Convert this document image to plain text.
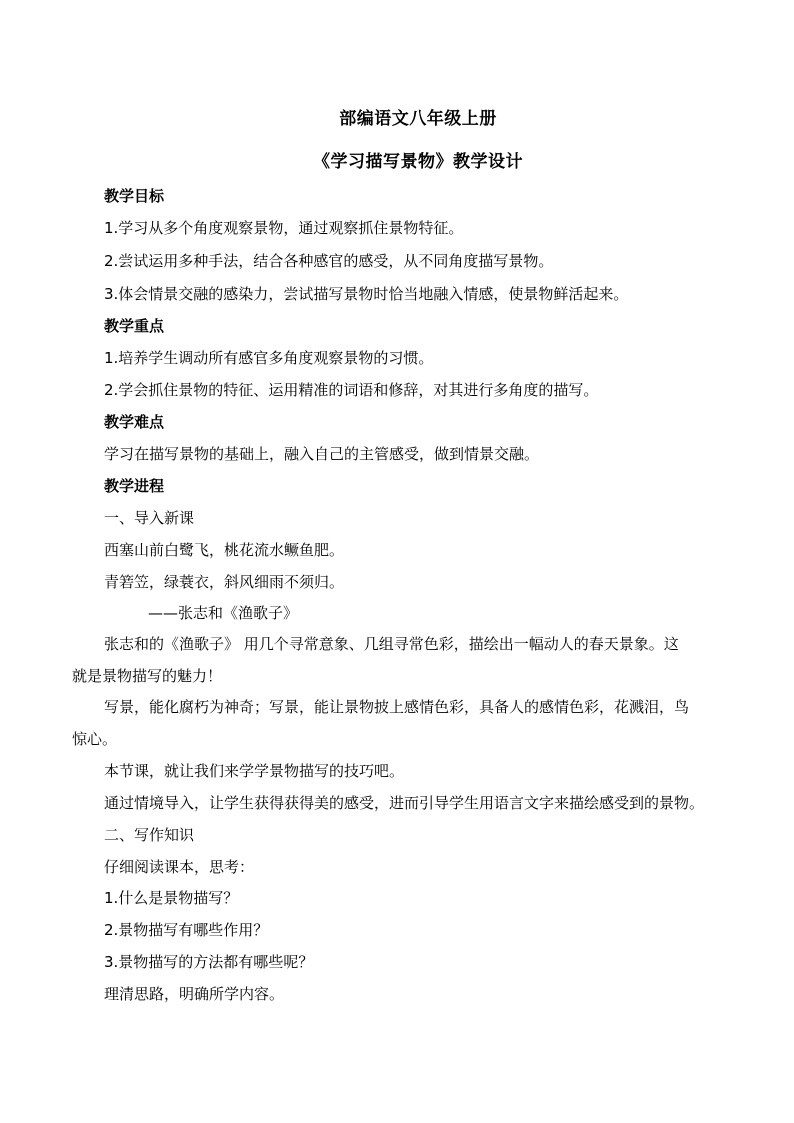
部编语文八年级上册
《学习描写景物》教学设计
教学目标
1.学习从多个角度观察景物，通过观察抓住景物特征。
2.尝试运用多种手法，结合各种感官的感受，从不同角度描写景物。
3.体会情景交融的感染力，尝试描写景物时恰当地融入情感，使景物鲜活起来。
教学重点
1.培养学生调动所有感官多角度观察景物的习惯。
2.学会抓住景物的特征、运用精准的词语和修辞，对其进行多角度的描写。
教学难点
学习在描写景物的基础上，融入自己的主管感受，做到情景交融。
教学进程
一、导入新课
西塞山前白鹭飞，桃花流水鳜鱼肥。
青箬笠，绿蓑衣，斜风细雨不须归。
——张志和《渔歌子》
张志和的《渔歌子》 用几个寻常意象、几组寻常色彩，描绘出一幅动人的春天景象。这
就是景物描写的魅力！
写景，能化腐朽为神奇；写景，能让景物披上感情色彩，具备人的感情色彩，花溅泪，鸟
惊心。
本节课，就让我们来学学景物描写的技巧吧。
通过情境导入，让学生获得获得美的感受，进而引导学生用语言文字来描绘感受到的景物。
二、写作知识
仔细阅读课本，思考：
1.什么是景物描写？
2.景物描写有哪些作用？
3.景物描写的方法都有哪些呢？
理清思路，明确所学内容。
